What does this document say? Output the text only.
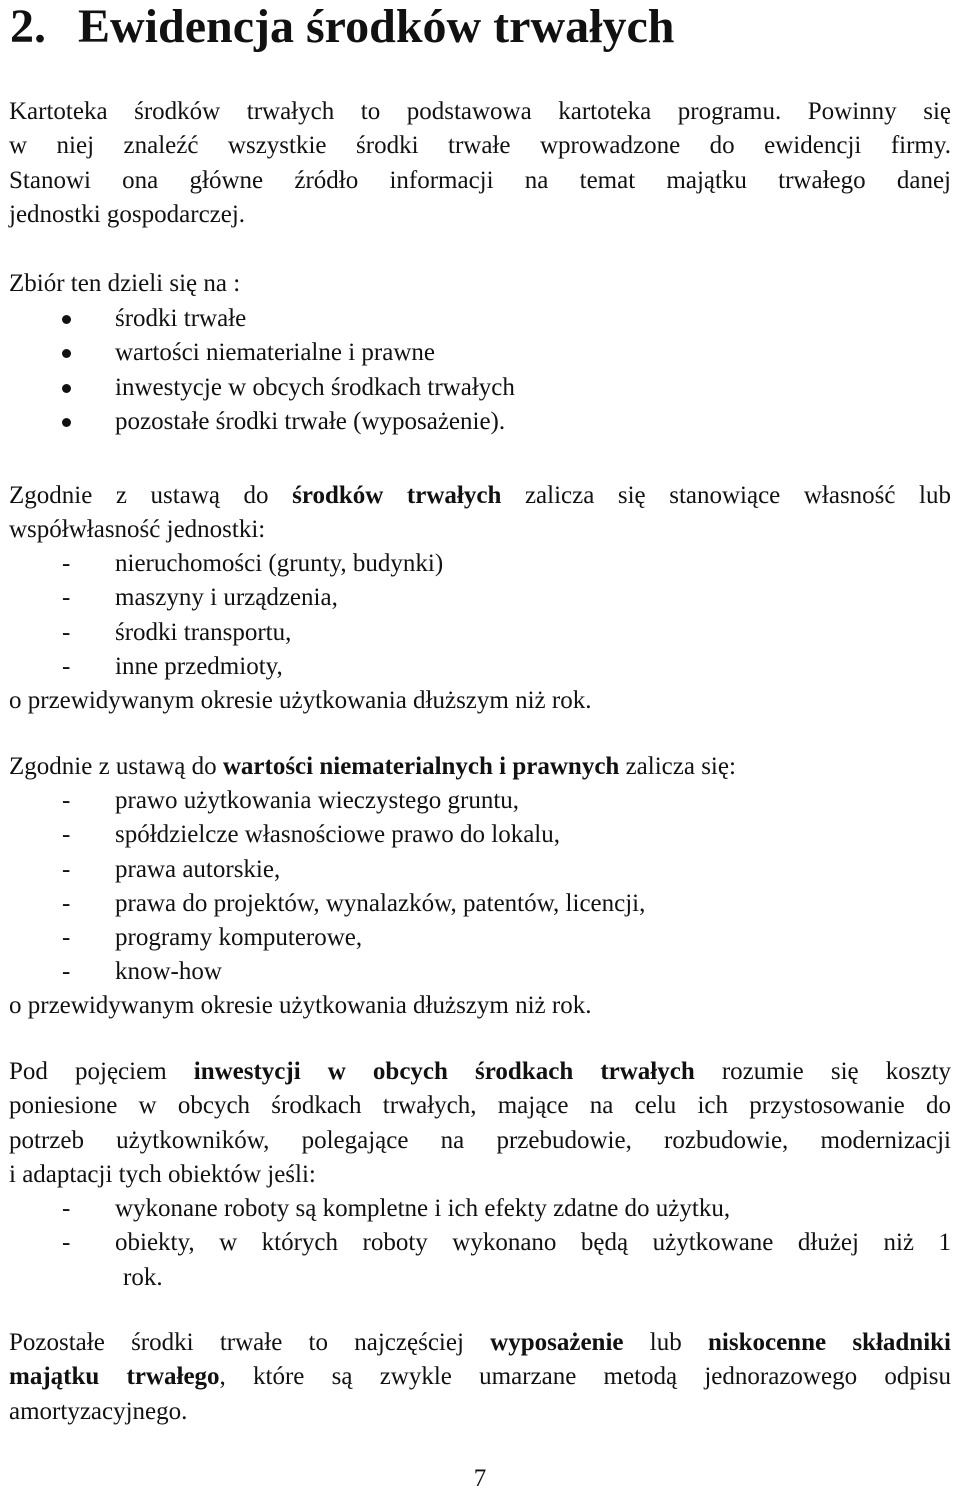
2. Ewidencja środków trwałych

Kartoteka środków trwałych to podstawowa kartoteka programu. Powinny się
w niej znaleźć wszystkie środki trwałe wprowadzone do ewidencji firmy.
Stanowi ona główne źródło informacji na temat majątku trwałego danej
jednostki gospodarczej.

Zbiór ten dzieli się na :

środki trwałe
wartości niematerialne i prawne
inwestycje w obcych środkach trwałych
pozostałe środki trwałe (wyposażenie).

Zgodnie z ustawą do środków trwałych zalicza się stanowiące własność lub
współwłasność jednostki:

- nieruchomości (grunty, budynki)
- maszyny i urządzenia,
- środki transportu,
- inne przedmioty,

o przewidywanym okresie użytkowania dłuższym niż rok.

Zgodnie z ustawą do wartości niematerialnych i prawnych zalicza się:

- prawo użytkowania wieczystego gruntu,
- spółdzielcze własnościowe prawo do lokalu,
- prawa autorskie,
- prawa do projektów, wynalazków, patentów, licencji,
- programy komputerowe,
- know-how

o przewidywanym okresie użytkowania dłuższym niż rok.

Pod pojęciem inwestycji w obcych środkach trwałych rozumie się koszty
poniesione w obcych środkach trwałych, mające na celu ich przystosowanie do
potrzeb użytkowników, polegające na przebudowie, rozbudowie, modernizacji
i adaptacji tych obiektów jeśli:

- wykonane roboty są kompletne i ich efekty zdatne do użytku,
- obiekty, w których roboty wykonano będą użytkowane dłużej niż 1
rok.

Pozostałe środki trwałe to najczęściej wyposażenie lub niskocenne składniki
majątku trwałego, które są zwykle umarzane metodą jednorazowego odpisu
amortyzacyjnego.

7
